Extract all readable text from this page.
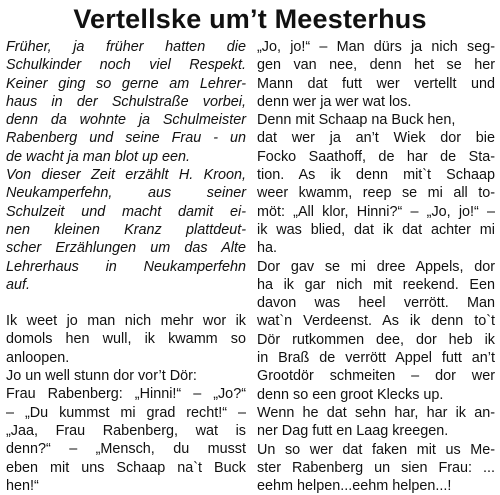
Vertellske um’t Meesterhus

Früher, ja früher hatten die
Schulkinder noch viel Respekt.
Keiner ging so gerne am Lehrer-
haus in der Schulstraße vorbei,
denn da wohnte ja Schulmeister
Rabenberg und seine Frau - un
de wacht ja man blot up een.
Von dieser Zeit erzählt H. Kroon,
Neukamperfehn, aus seiner
Schulzeit und macht damit ei-
nen kleinen Kranz plattdeut-
scher Erzählungen um das Alte
Lehrerhaus in Neukamperfehn
auf.

Ik weet jo man nich mehr wor ik
domols hen wull, ik kwamm so
anloopen.
Jo un well stunn dor vor’t Dör:
Frau Rabenberg: „Hinni!“ – „Jo?“
– „Du kummst mi grad recht!“ –
„Jaa, Frau Rabenberg, wat is
denn?“ – „Mensch, du musst
eben mit uns Schaap na`t Buck
hen!“

„Jo, jo!“ – Man dürs ja nich seg-
gen van nee, denn het se her
Mann dat futt wer vertellt und
denn wer ja wer wat los.
Denn mit Schaap na Buck hen,
dat wer ja an’t Wiek dor bie
Focko Saathoff, de har de Sta-
tion. As ik denn mit`t Schaap
weer kwamm, reep se mi all to-
möt: „All klor, Hinni?“ – „Jo, jo!“ –
ik was blied, dat ik dat achter mi
ha.
Dor gav se mi dree Appels, dor
ha ik gar nich mit reekend. Een
davon was heel verrött. Man
wat`n Verdeenst. As ik denn to`t
Dör rutkommen dee, dor heb ik
in Braß de verrött Appel futt an’t
Grootdör schmeiten – dor wer
denn so een groot Klecks up.
Wenn he dat sehn har, har ik an-
ner Dag futt en Laag kreegen.
Un so wer dat faken mit us Me-
ster Rabenberg un sien Frau: ...
eehm helpen...eehm helpen...!
